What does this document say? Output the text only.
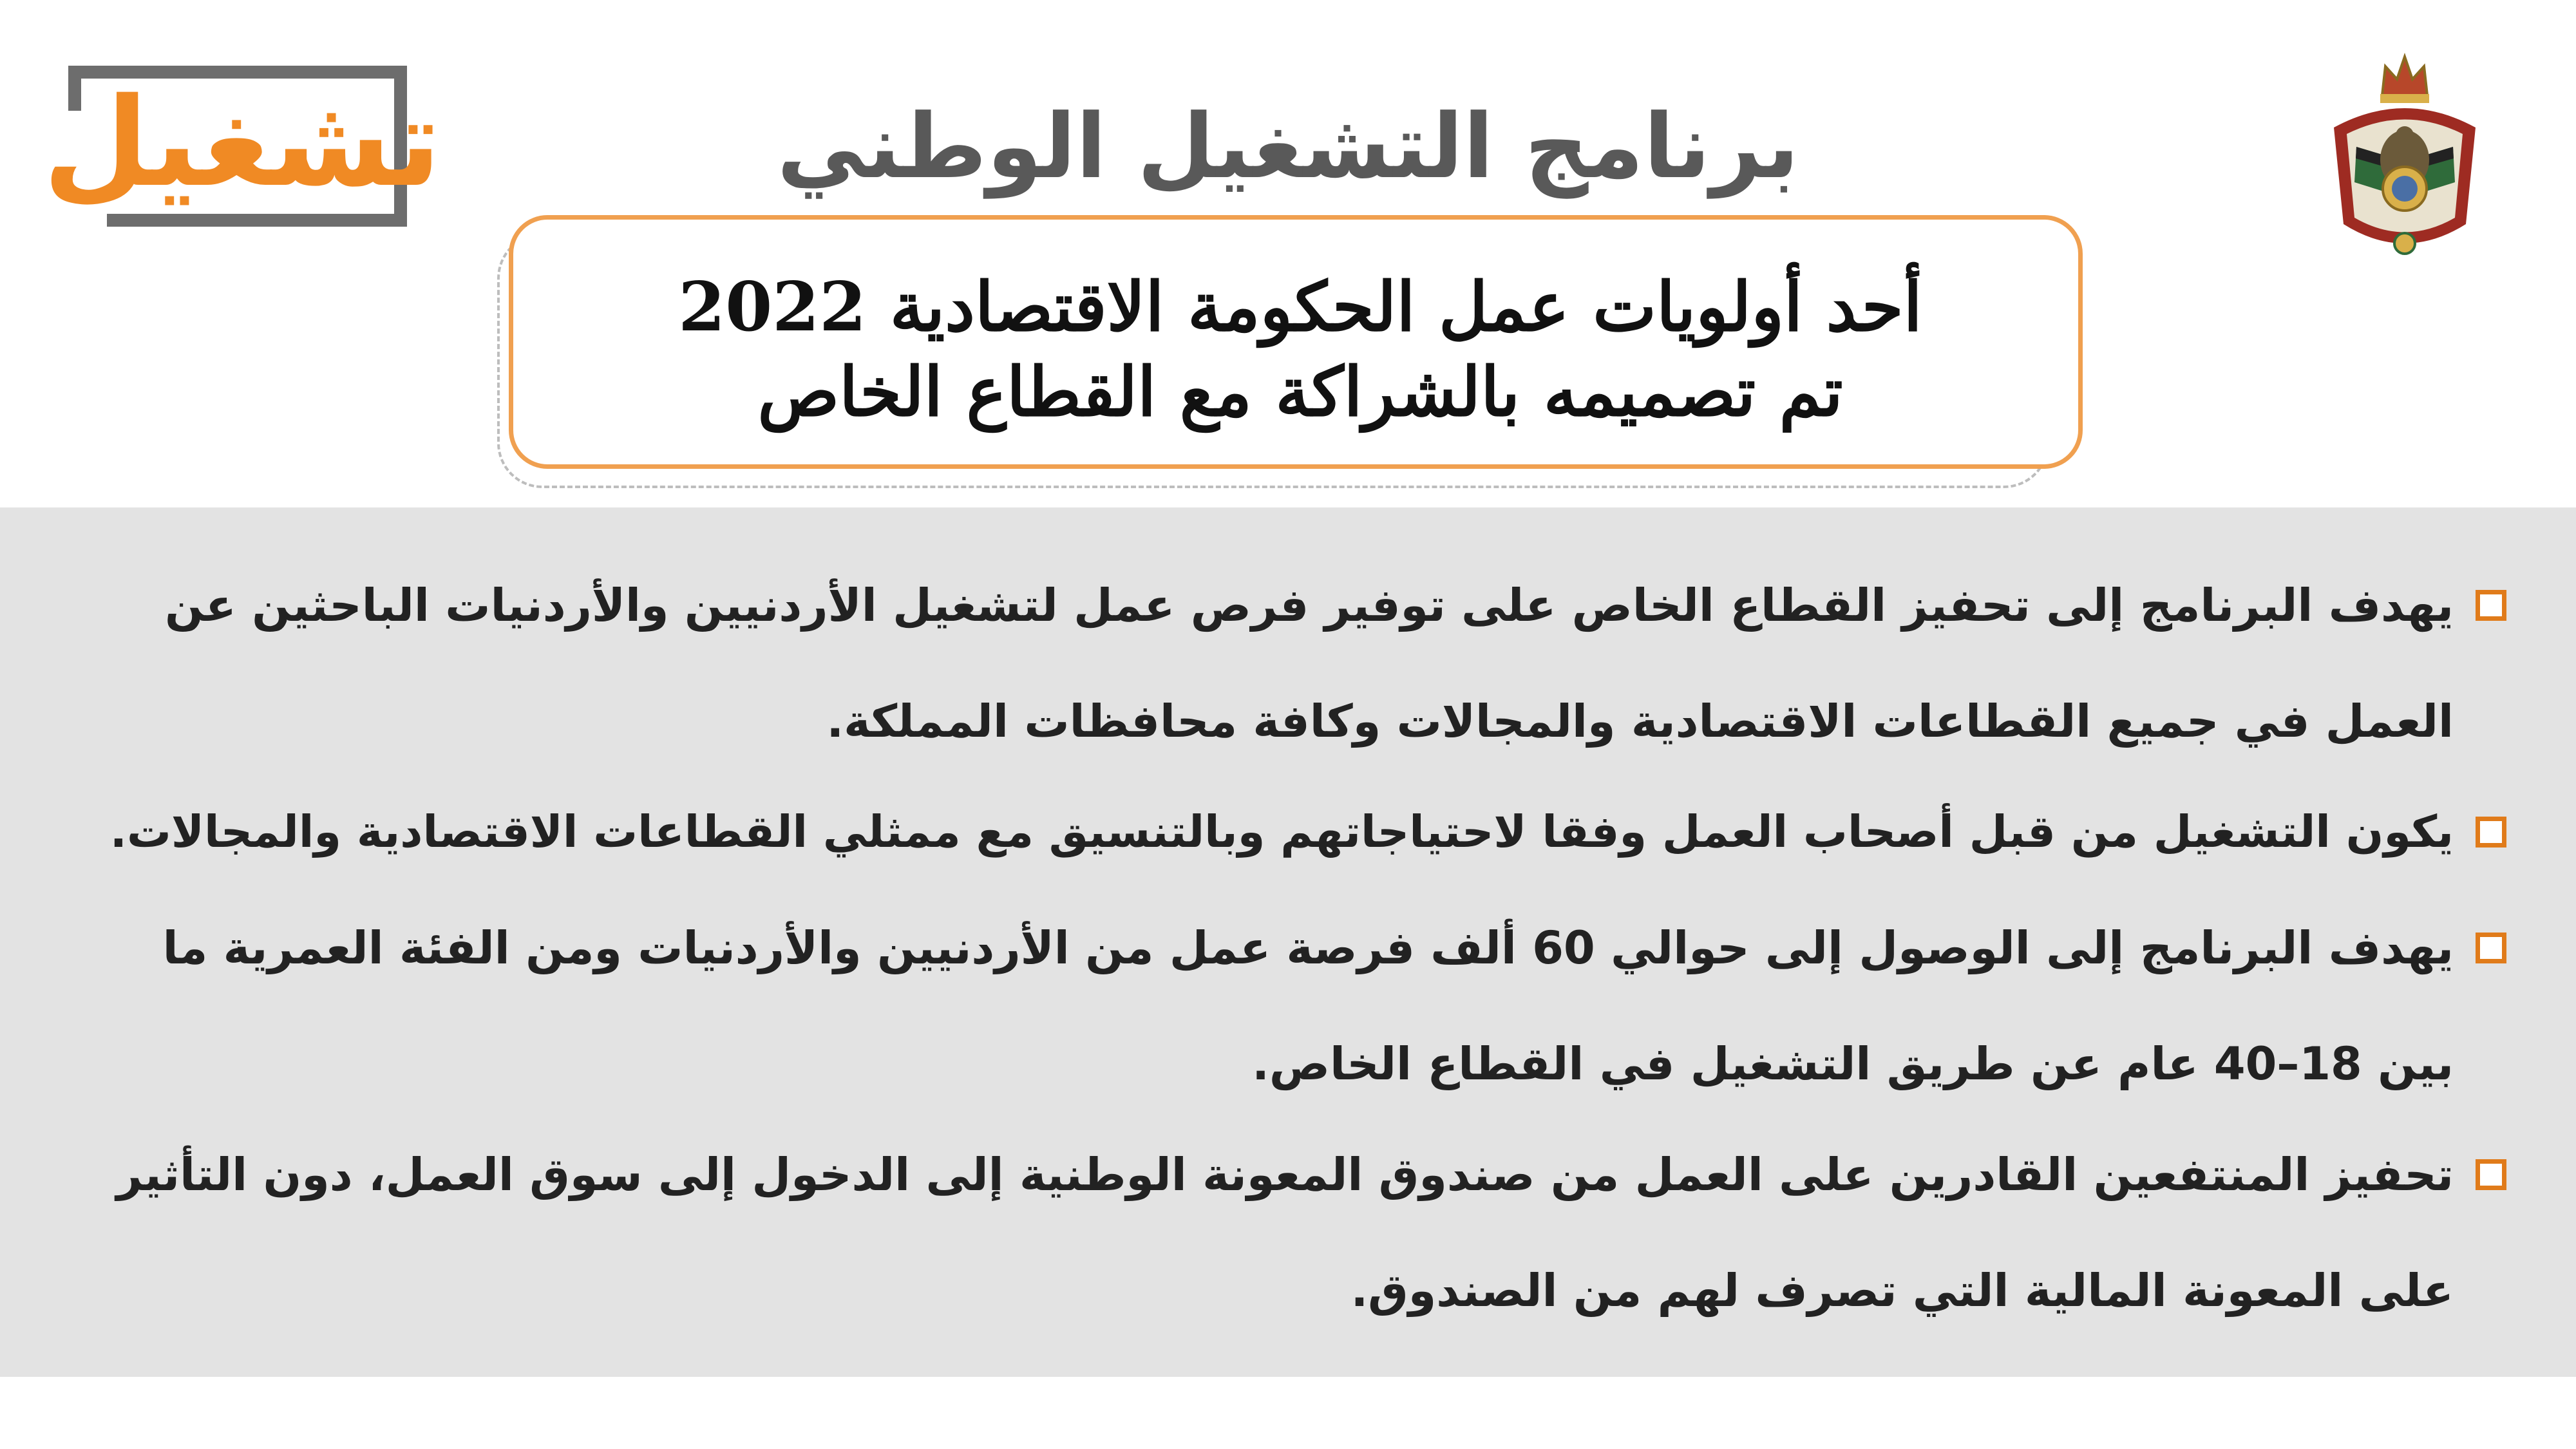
تشغيل	برنامج التشغيل الوطني
أحد أولويات عمل الحكومة الاقتصادية 2022
تم تصميمه بالشراكة مع القطاع الخاص
يهدف البرنامج إلى تحفيز القطاع الخاص على توفير فرص عمل لتشغيل الأردنيين والأردنيات الباحثين عن
العمل في جميع القطاعات الاقتصادية والمجالات وكافة محافظات المملكة.
يكون التشغيل من قبل أصحاب العمل وفقا لاحتياجاتهم وبالتنسيق مع ممثلي القطاعات الاقتصادية والمجالات.
يهدف البرنامج إلى الوصول إلى حوالي 60 ألف فرصة عمل من الأردنيين والأردنيات ومن الفئة العمرية ما
بين 18–40 عام عن طريق التشغيل في القطاع الخاص.
تحفيز المنتفعين القادرين على العمل من صندوق المعونة الوطنية إلى الدخول إلى سوق العمل، دون التأثير
على المعونة المالية التي تصرف لهم من الصندوق.
